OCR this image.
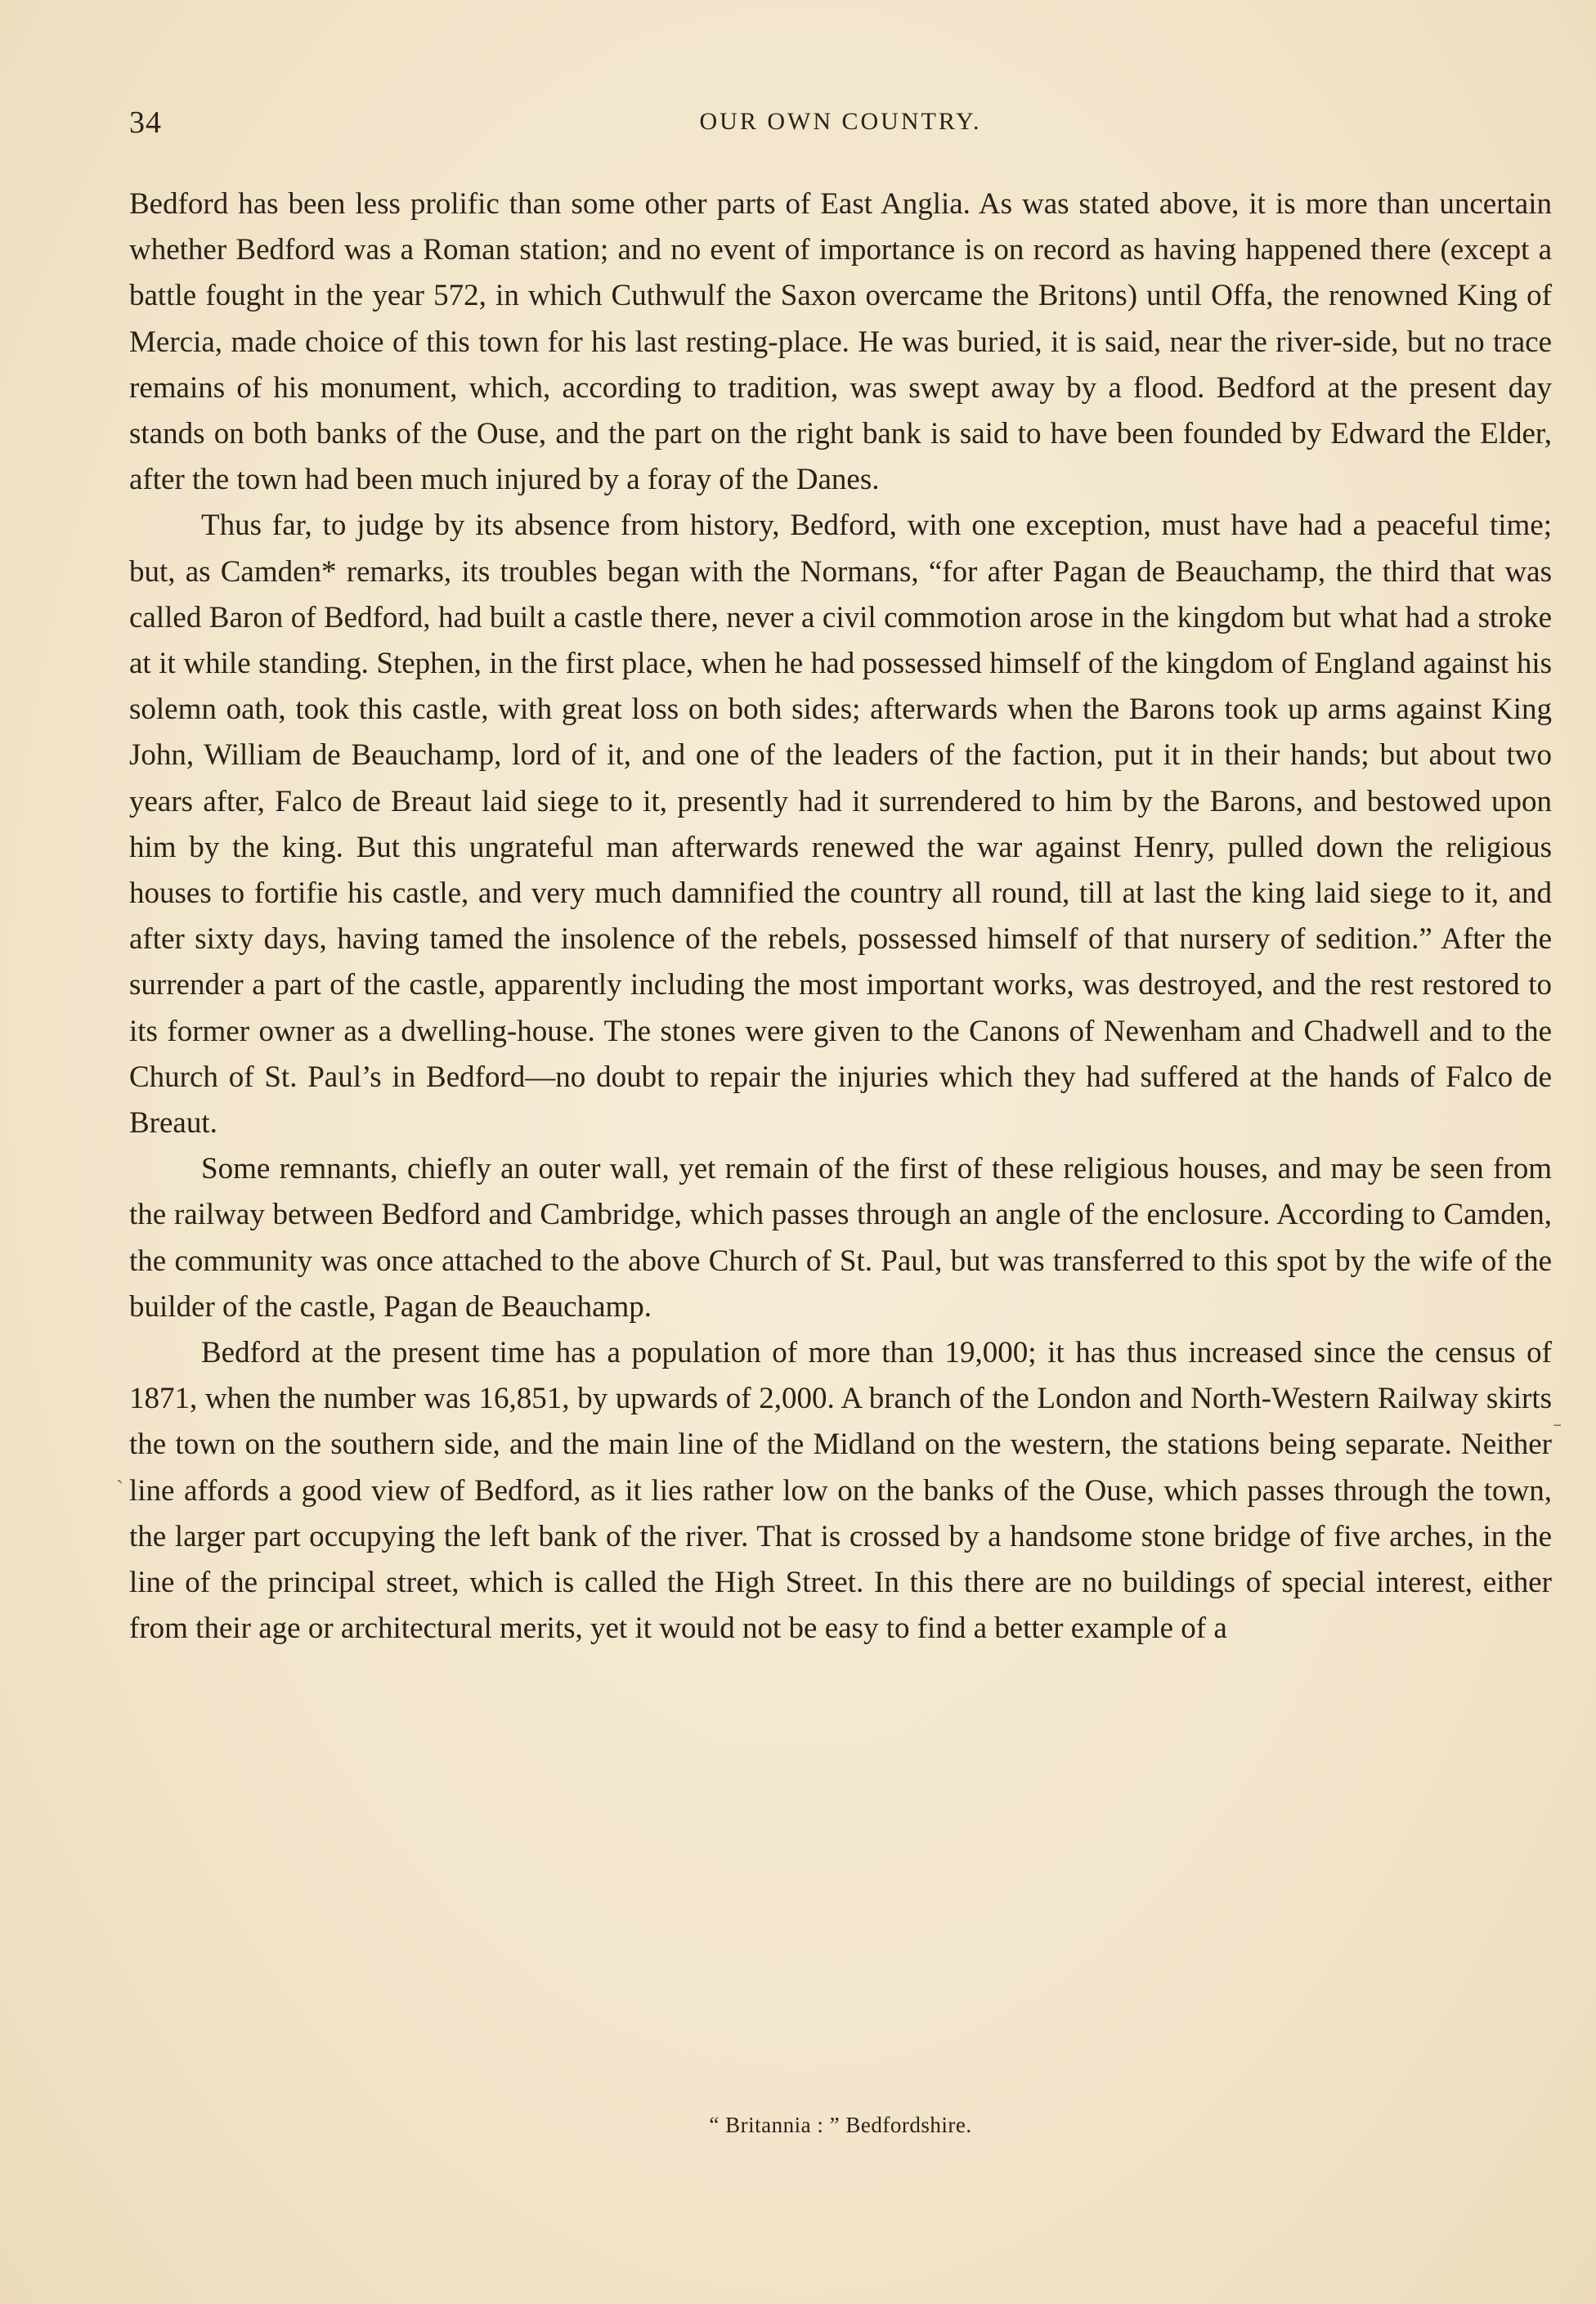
34	OUR OWN COUNTRY.

Bedford has been less prolific than some other parts of East Anglia. As was stated above, it is more than uncertain whether Bedford was a Roman station; and no event of importance is on record as having happened there (except a battle fought in the year 572, in which Cuthwulf the Saxon overcame the Britons) until Offa, the renowned King of Mercia, made choice of this town for his last resting-place. He was buried, it is said, near the river-side, but no trace remains of his monument, which, according to tradition, was swept away by a flood. Bedford at the present day stands on both banks of the Ouse, and the part on the right bank is said to have been founded by Edward the Elder, after the town had been much injured by a foray of the Danes.

Thus far, to judge by its absence from history, Bedford, with one exception, must have had a peaceful time; but, as Camden* remarks, its troubles began with the Normans, “for after Pagan de Beauchamp, the third that was called Baron of Bedford, had built a castle there, never a civil commotion arose in the kingdom but what had a stroke at it while standing. Stephen, in the first place, when he had possessed himself of the kingdom of England against his solemn oath, took this castle, with great loss on both sides; afterwards when the Barons took up arms against King John, William de Beauchamp, lord of it, and one of the leaders of the faction, put it in their hands; but about two years after, Falco de Breaut laid siege to it, presently had it surrendered to him by the Barons, and bestowed upon him by the king. But this ungrateful man afterwards renewed the war against Henry, pulled down the religious houses to fortifie his castle, and very much damnified the country all round, till at last the king laid siege to it, and after sixty days, having tamed the insolence of the rebels, possessed himself of that nursery of sedition.” After the surrender a part of the castle, apparently including the most important works, was destroyed, and the rest restored to its former owner as a dwelling-house. The stones were given to the Canons of Newenham and Chadwell and to the Church of St. Paul’s in Bedford—no doubt to repair the injuries which they had suffered at the hands of Falco de Breaut.

Some remnants, chiefly an outer wall, yet remain of the first of these religious houses, and may be seen from the railway between Bedford and Cambridge, which passes through an angle of the enclosure. According to Camden, the community was once attached to the above Church of St. Paul, but was transferred to this spot by the wife of the builder of the castle, Pagan de Beauchamp.

Bedford at the present time has a population of more than 19,000; it has thus increased since the census of 1871, when the number was 16,851, by upwards of 2,000. A branch of the London and North-Western Railway skirts the town on the southern side, and the main line of the Midland on the western, the stations being separate. Neither line affords a good view of Bedford, as it lies rather low on the banks of the Ouse, which passes through the town, the larger part occupying the left bank of the river. That is crossed by a handsome stone bridge of five arches, in the line of the principal street, which is called the High Street. In this there are no buildings of special interest, either from their age or architectural merits, yet it would not be easy to find a better example of a

“ Britannia : ” Bedfordshire.
ˉ
ˋ
